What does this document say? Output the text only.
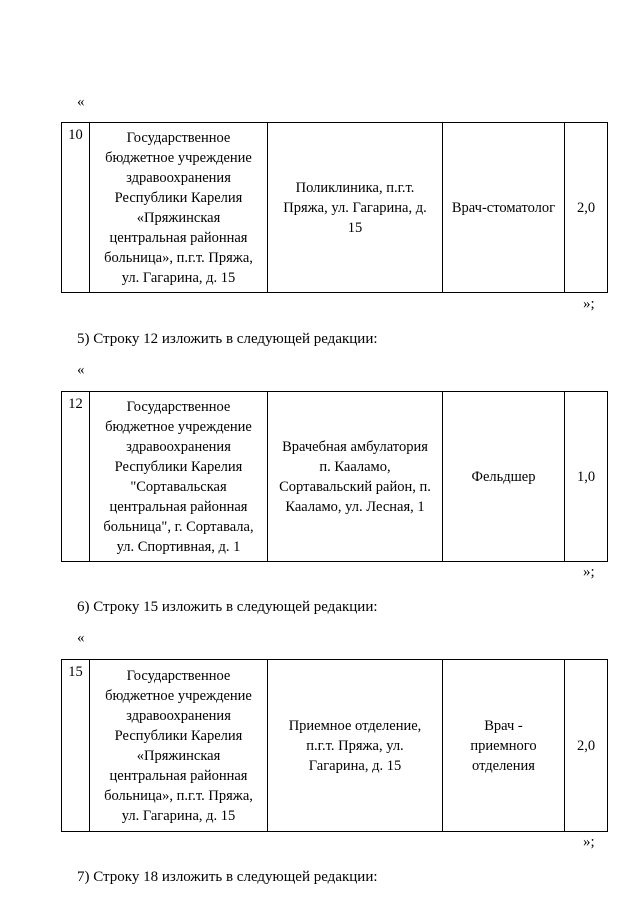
«
10	Государственное
бюджетное учреждение
здравоохранения
Республики Карелия
«Пряжинская
центральная районная
больница», п.г.т. Пряжа,
ул. Гагарина, д. 15

Поликлиника, п.г.т.
Пряжа, ул. Гагарина, д.
15

Врач-стоматолог	2,0
»;
5) Строку 12 изложить в следующей редакции:
«
12	Государственное
бюджетное учреждение
здравоохранения
Республики Карелия
"Сортавальская
центральная районная
больница", г. Сортавала,
ул. Спортивная, д. 1

Врачебная амбулатория
п. Кааламо,
Сортавальский район, п.
Кааламо, ул. Лесная, 1

Фельдшер	1,0
»;
6) Строку 15 изложить в следующей редакции:
«
15	Государственное
бюджетное учреждение
здравоохранения
Республики Карелия
«Пряжинская
центральная районная
больница», п.г.т. Пряжа,
ул. Гагарина, д. 15

Приемное отделение,
п.г.т. Пряжа, ул.
Гагарина, д. 15

Врач -
приемного
отделения

2,0
»;
7) Строку 18 изложить в следующей редакции:
